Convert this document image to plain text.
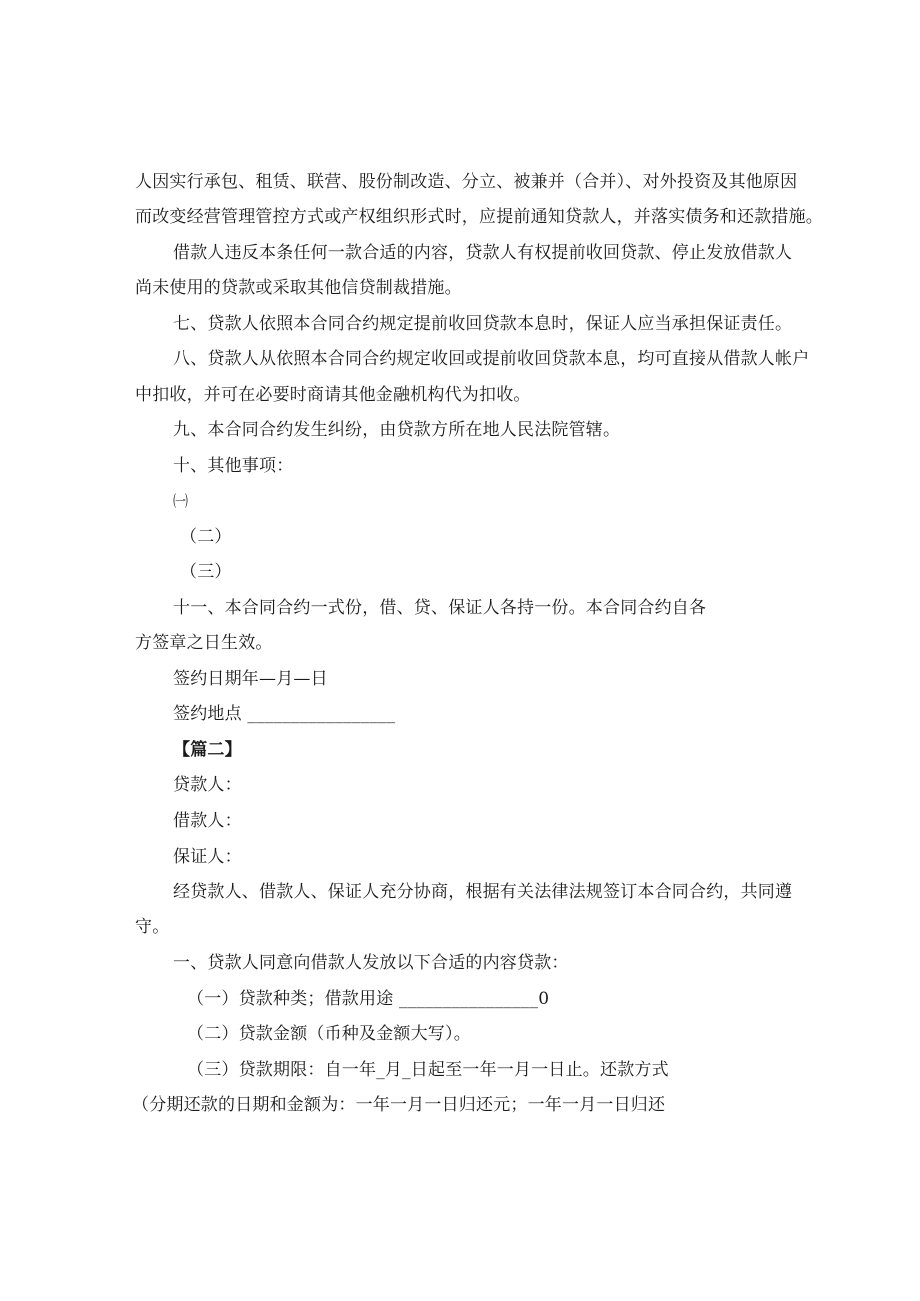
人因实行承包、租赁、联营、股份制改造、分立、被兼并（合并）、对外投资及其他原因
而改变经营管理管控方式或产权组织形式时，应提前通知贷款人，并落实债务和还款措施。
借款人违反本条任何一款合适的内容，贷款人有权提前收回贷款、停止发放借款人
尚未使用的贷款或采取其他信贷制裁措施。
七、贷款人依照本合同合约规定提前收回贷款本息时，保证人应当承担保证责任。
八、贷款人从依照本合同合约规定收回或提前收回贷款本息，均可直接从借款人帐户
中扣收，并可在必要时商请其他金融机构代为扣收。
九、本合同合约发生纠纷，由贷款方所在地人民法院管辖。
十、其他事项：
㈠
（二）
（三）
十一、本合同合约一式份，借、贷、保证人各持一份。本合同合约自各
方签章之日生效。
签约日期年—月—日
签约地点 _________________
【篇二】
贷款人：
借款人：
保证人：
经贷款人、借款人、保证人充分协商，根据有关法律法规签订本合同合约，共同遵
守。
一、贷款人同意向借款人发放以下合适的内容贷款：
（一）贷款种类；借款用途 ________________0
（二）贷款金额（币种及金额大写）。
（三）贷款期限：自一年_月_日起至一年一月一日止。还款方式
（分期还款的日期和金额为：一年一月一日归还元；一年一月一日归还
